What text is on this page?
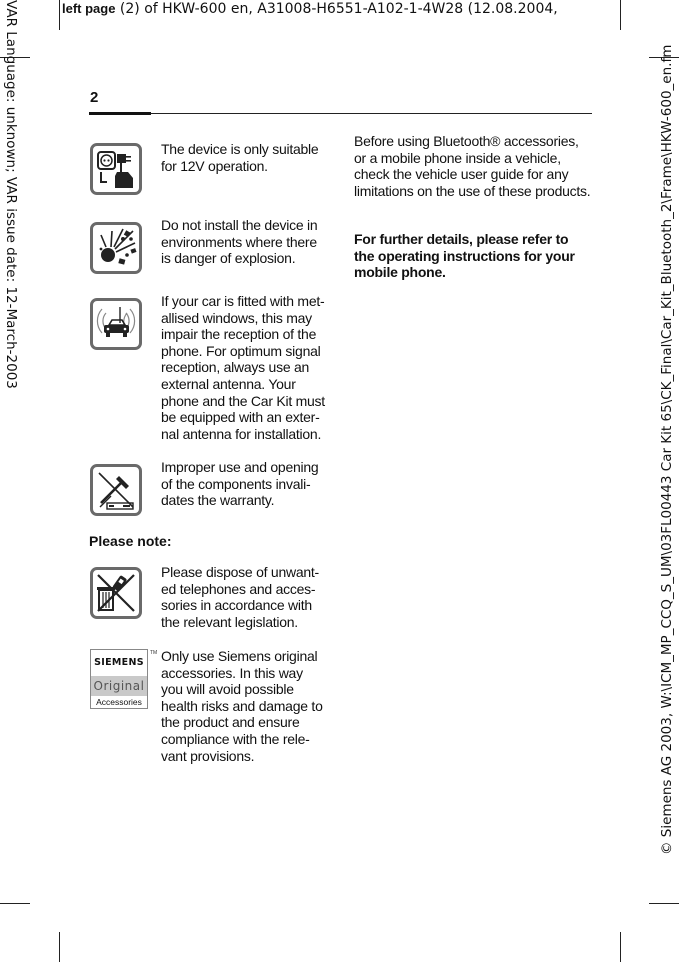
left page (2) of HKW-600 en, A31008-H6551-A102-1-4W28 (12.08.2004,
VAR Language: unknown; VAR issue date: 12-March-2003	© Siemens AG 2003, W:\ICM_MP_CCQ_S_UM\03FL00443 Car Kit 65\CK_Final\Car_Kit_Bluetooth_2\Frame\HKW-600_en.fm
2
The device is only suitable
for 12V operation.
Do not install the device in
environments where there
is danger of explosion.
If your car is fitted with met-
allised windows, this may
impair the reception of the
phone. For optimum signal
reception, always use an
external antenna. Your
phone and the Car Kit must
be equipped with an exter-
nal antenna for installation.
Improper use and opening
of the components invali-
dates the warranty.
Please note:
Please dispose of unwant-
ed telephones and acces-
sories in accordance with
the relevant legislation.
SIEMENS
Original
Accessories
TM Only use Siemens original
accessories. In this way
you will avoid possible
health risks and damage to
the product and ensure
compliance with the rele-
vant provisions.
Before using Bluetooth® accessories,
or a mobile phone inside a vehicle,
check the vehicle user guide for any
limitations on the use of these products.
For further details, please refer to
the operating instructions for your
mobile phone.
